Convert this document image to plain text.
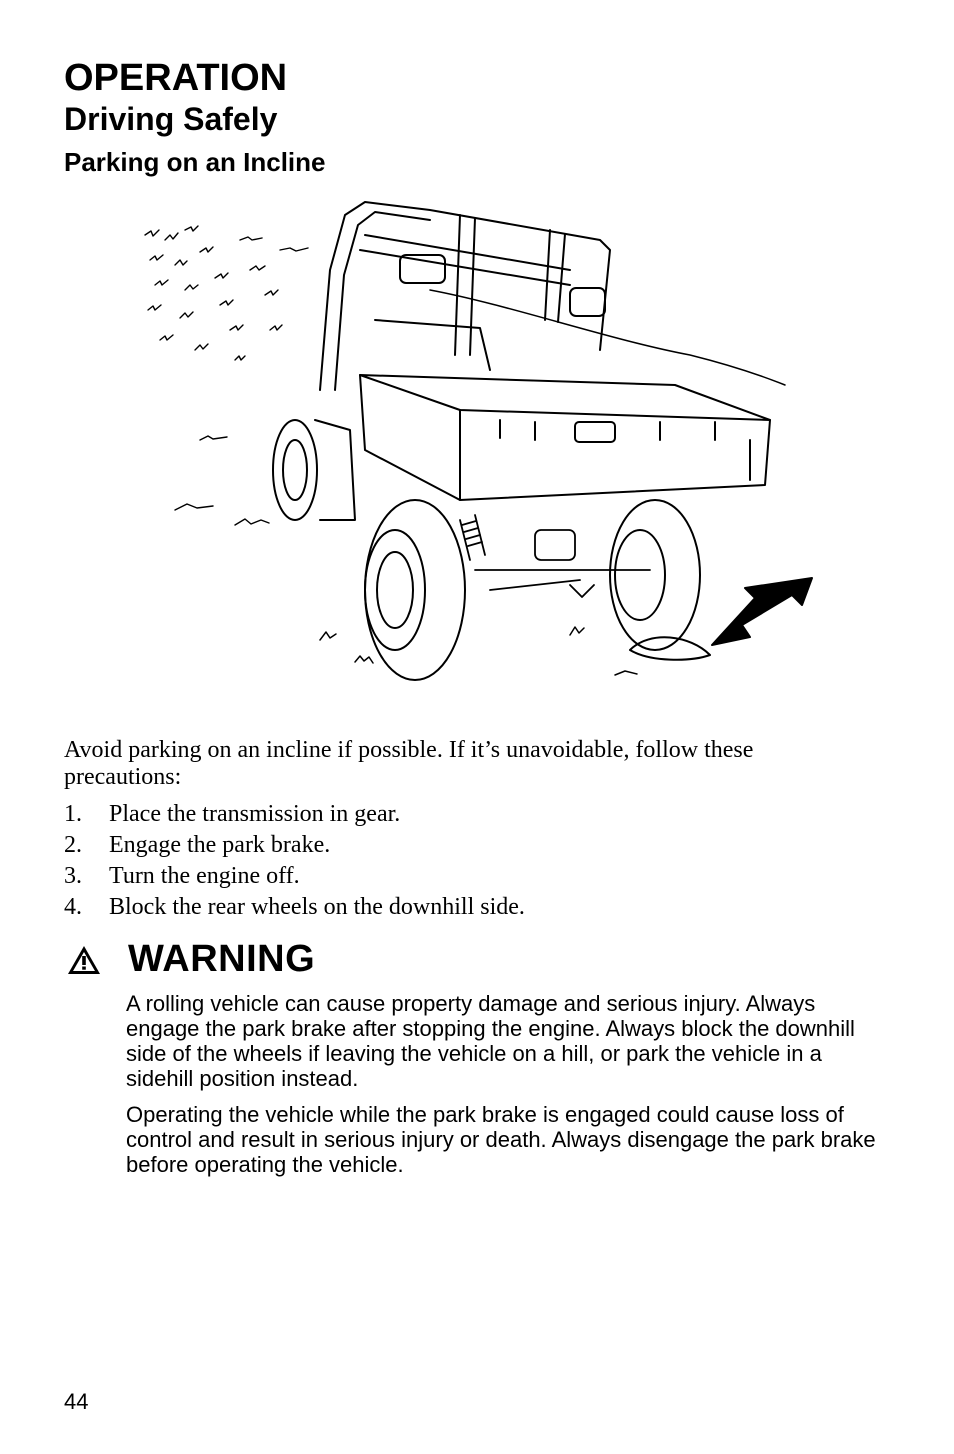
OPERATION
Driving Safely
Parking on an Incline

Avoid parking on an incline if possible. If it’s unavoidable, follow these precautions:

1.	Place the transmission in gear.
2.	Engage the park brake.
3.	Turn the engine off.
4.	Block the rear wheels on the downhill side.
WARNING

A rolling vehicle can cause property damage and serious injury. Always engage the park brake after stopping the engine. Always block the downhill side of the wheels if leaving the vehicle on a hill, or park the vehicle in a sidehill position instead.

Operating the vehicle while the park brake is engaged could cause loss of control and result in serious injury or death. Always disengage the park brake before operating the vehicle.

44
